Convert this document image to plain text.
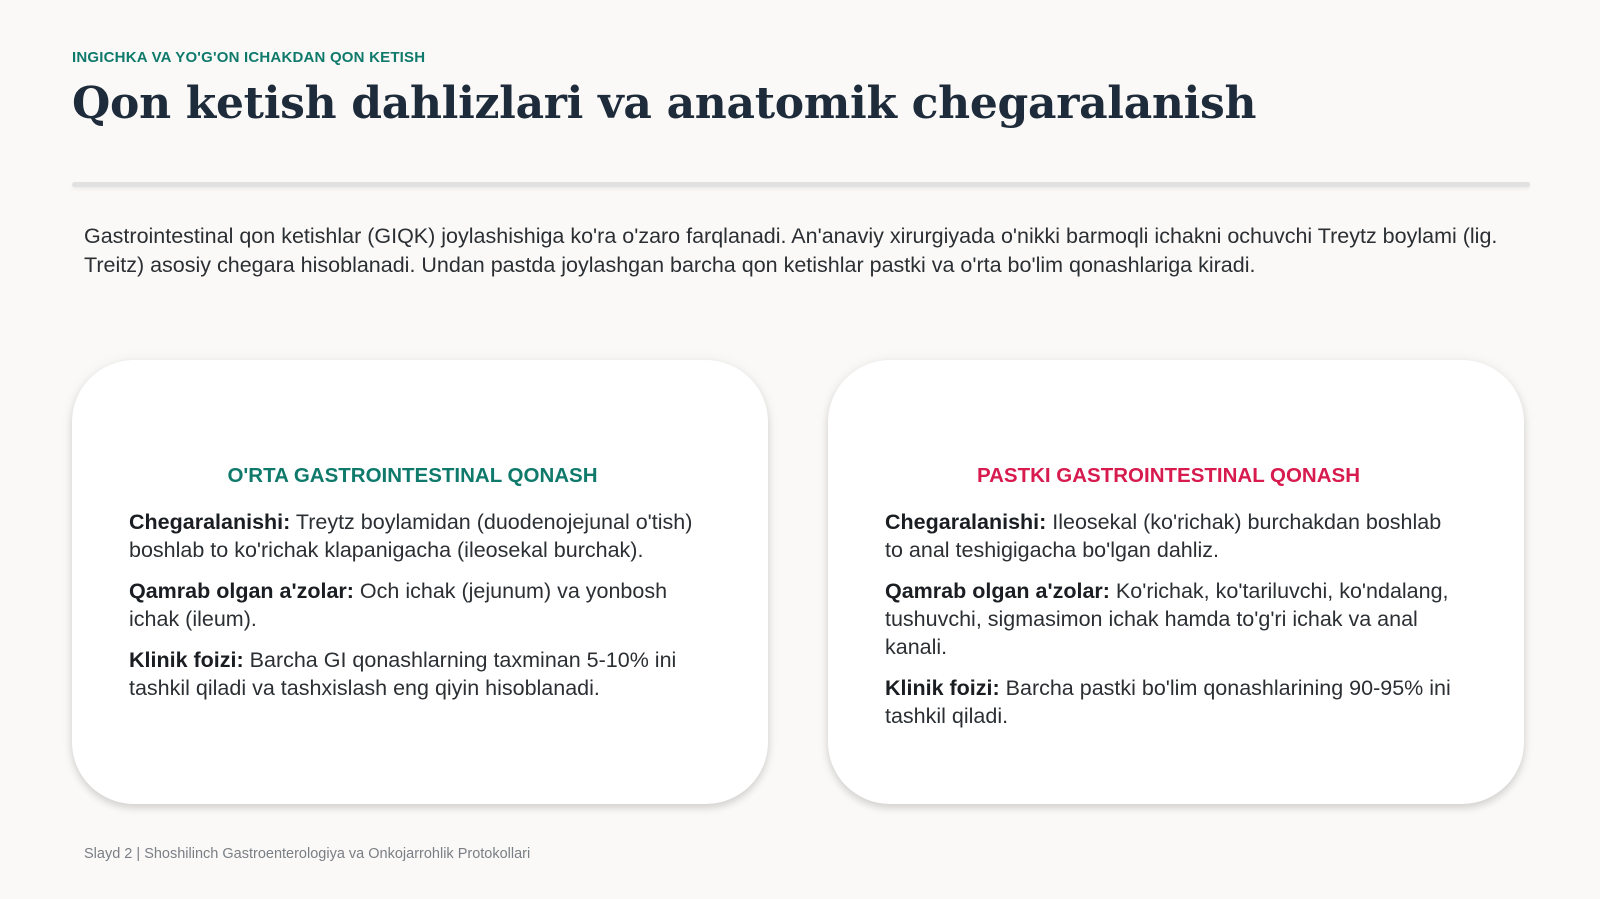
INGICHKA VA YO'G'ON ICHAKDAN QON KETISH
Qon ketish dahlizlari va anatomik chegaralanish

Gastrointestinal qon ketishlar (GIQK) joylashishiga ko'ra o'zaro farqlanadi. An'anaviy xirurgiyada o'nikki barmoqli ichakni ochuvchi Treytz boylami (lig. Treitz) asosiy chegara hisoblanadi. Undan pastda joylashgan barcha qon ketishlar pastki va o'rta bo'lim qonashlariga kiradi.

O'RTA GASTROINTESTINAL QONASH

Chegaralanishi: Treytz boylamidan (duodenojejunal o'tish) boshlab to ko'richak klapanigacha (ileosekal burchak).

Qamrab olgan a'zolar: Och ichak (jejunum) va yonbosh ichak (ileum).

Klinik foizi: Barcha GI qonashlarning taxminan 5-10% ini tashkil qiladi va tashxislash eng qiyin hisoblanadi.

PASTKI GASTROINTESTINAL QONASH

Chegaralanishi: Ileosekal (ko'richak) burchakdan boshlab to anal teshigigacha bo'lgan dahliz.

Qamrab olgan a'zolar: Ko'richak, ko'tariluvchi, ko'ndalang, tushuvchi, sigmasimon ichak hamda to'g'ri ichak va anal kanali.

Klinik foizi: Barcha pastki bo'lim qonashlarining 90-95% ini tashkil qiladi.

Slayd 2 | Shoshilinch Gastroenterologiya va Onkojarrohlik Protokollari
